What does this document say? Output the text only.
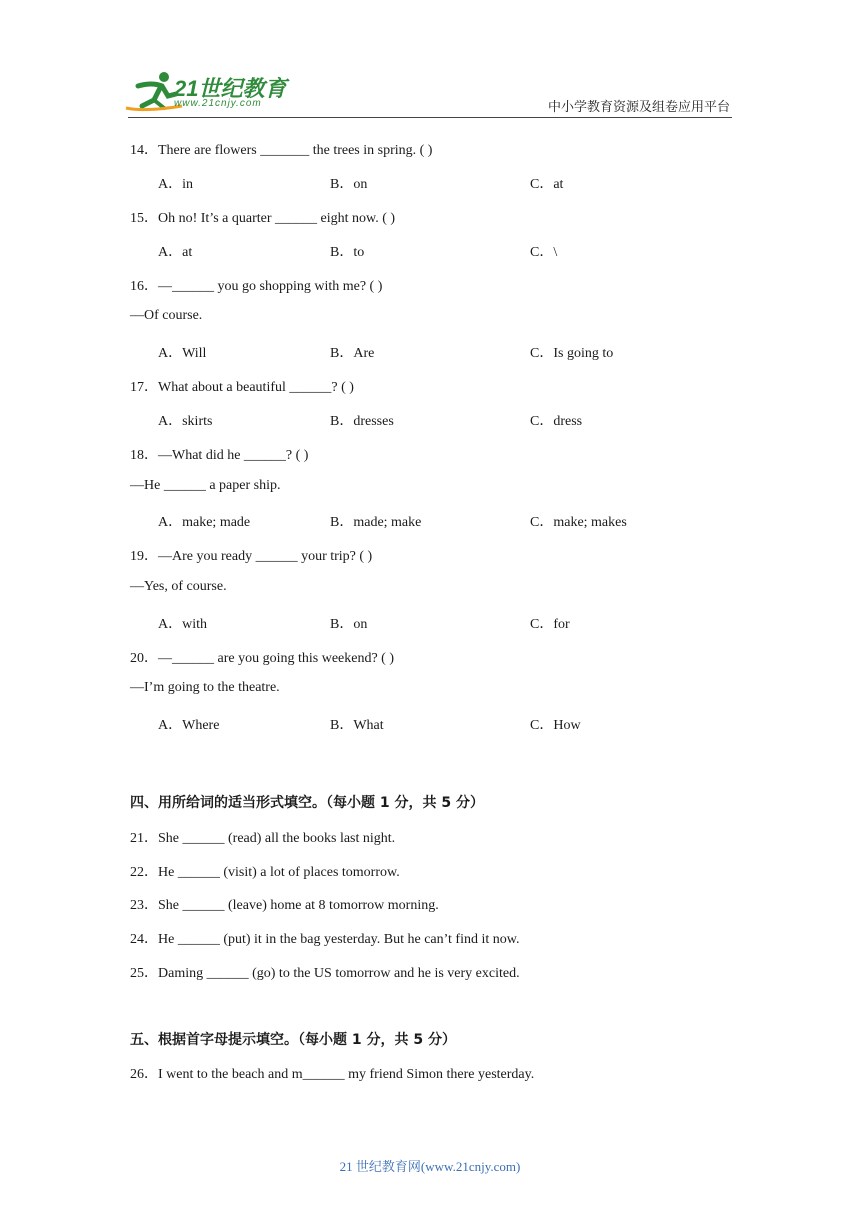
21世纪教育
www.21cnjy.com	中小学教育资源及组卷应用平台
14．There are flowers _______ the trees in spring. ( )
A．in	B．on	C．at
15．Oh no! It’s a quarter ______ eight now. ( )
A．at	B．to	C．\
16．—______ you go shopping with me? ( )
—Of course.
A．Will	B．Are	C．Is going to
17．What about a beautiful ______? ( )
A．skirts	B．dresses	C．dress
18．—What did he ______? ( )
—He ______ a paper ship.
A．make; made	B．made; make	C．make; makes
19．—Are you ready ______ your trip? ( )
—Yes, of course.
A．with	B．on	C．for
20．—______ are you going this weekend? ( )
—I’m going to the theatre.
A．Where	B．What	C．How
四、用所给词的适当形式填空。（每小题 1 分，共 5 分）
21．She ______ (read) all the books last night.
22．He ______ (visit) a lot of places tomorrow.
23．She ______ (leave) home at 8 tomorrow morning.
24．He ______ (put) it in the bag yesterday. But he can’t find it now.
25．Daming ______ (go) to the US tomorrow and he is very excited.
五、根据首字母提示填空。（每小题 1 分，共 5 分）
26．I went to the beach and m______ my friend Simon there yesterday.
21 世纪教育网(www.21cnjy.com)
